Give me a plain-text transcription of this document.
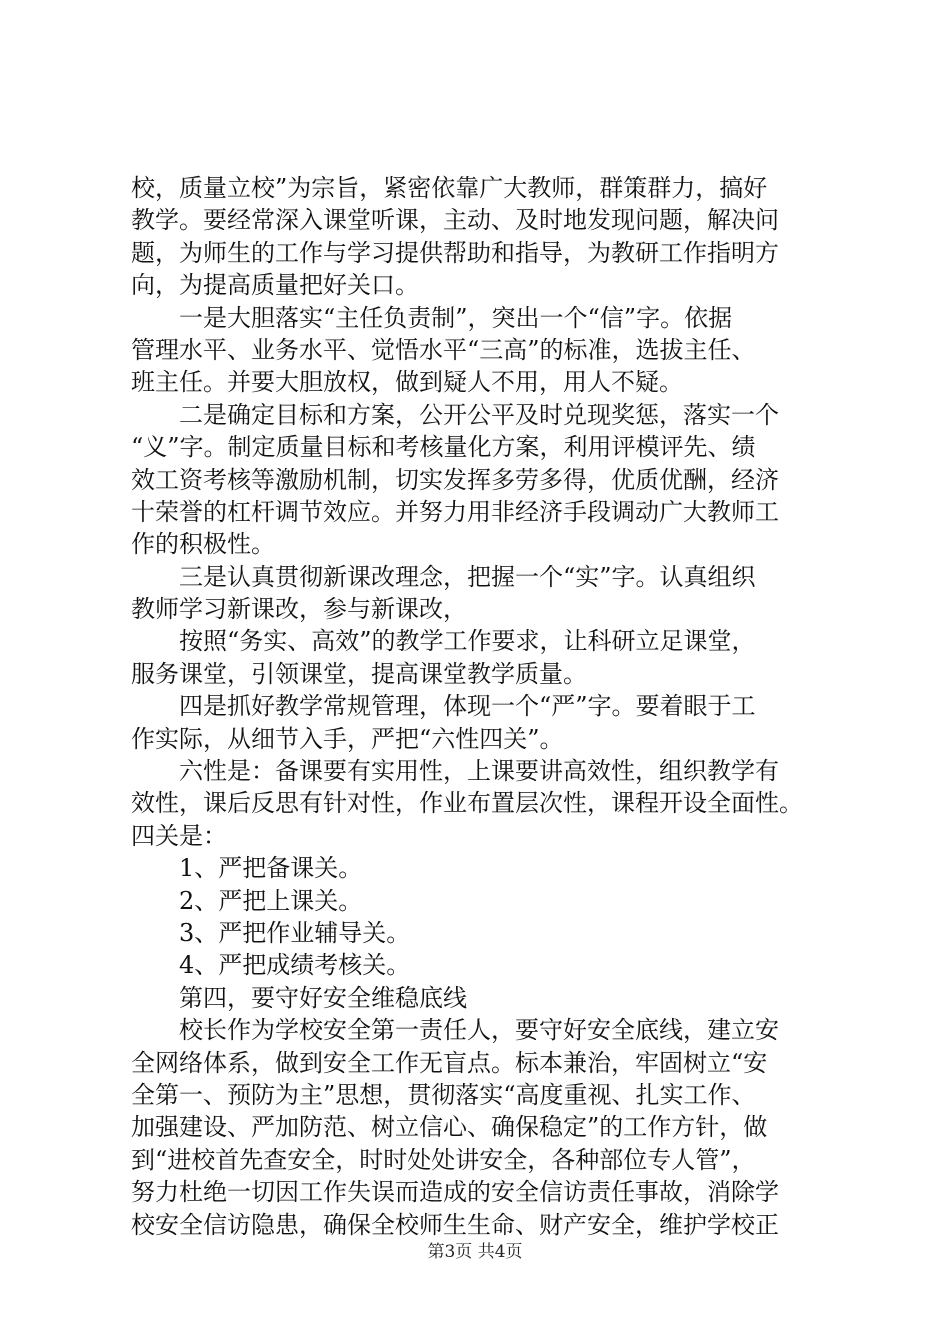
校，质量立校”为宗旨，紧密依靠广大教师，群策群力，搞好
教学。要经常深入课堂听课，主动、及时地发现问题，解决问
题，为师生的工作与学习提供帮助和指导，为教研工作指明方
向，为提高质量把好关口。
　　一是大胆落实“主任负责制”，突出一个“信”字。依据
管理水平、业务水平、觉悟水平“三高”的标准，选拔主任、
班主任。并要大胆放权，做到疑人不用，用人不疑。
　　二是确定目标和方案，公开公平及时兑现奖惩，落实一个
“义”字。制定质量目标和考核量化方案，利用评模评先、绩
效工资考核等激励机制，切实发挥多劳多得，优质优酬，经济
十荣誉的杠杆调节效应。并努力用非经济手段调动广大教师工
作的积极性。
　　三是认真贯彻新课改理念，把握一个“实”字。认真组织
教师学习新课改，参与新课改，
　　按照“务实、高效”的教学工作要求，让科研立足课堂，
服务课堂，引领课堂，提高课堂教学质量。
　　四是抓好教学常规管理，体现一个“严”字。要着眼于工
作实际，从细节入手，严把“六性四关”。
　　六性是：备课要有实用性，上课要讲高效性，组织教学有
效性，课后反思有针对性，作业布置层次性，课程开设全面性。
四关是：
　　1、严把备课关。
　　2、严把上课关。
　　3、严把作业辅导关。
　　4、严把成绩考核关。
　　第四，要守好安全维稳底线
　　校长作为学校安全第一责任人，要守好安全底线，建立安
全网络体系，做到安全工作无盲点。标本兼治，牢固树立“安
全第一、预防为主”思想，贯彻落实“高度重视、扎实工作、
加强建设、严加防范、树立信心、确保稳定”的工作方针，做
到“进校首先查安全，时时处处讲安全，各种部位专人管”，
努力杜绝一切因工作失误而造成的安全信访责任事故，消除学
校安全信访隐患，确保全校师生生命、财产安全，维护学校正
第3页 共4页
